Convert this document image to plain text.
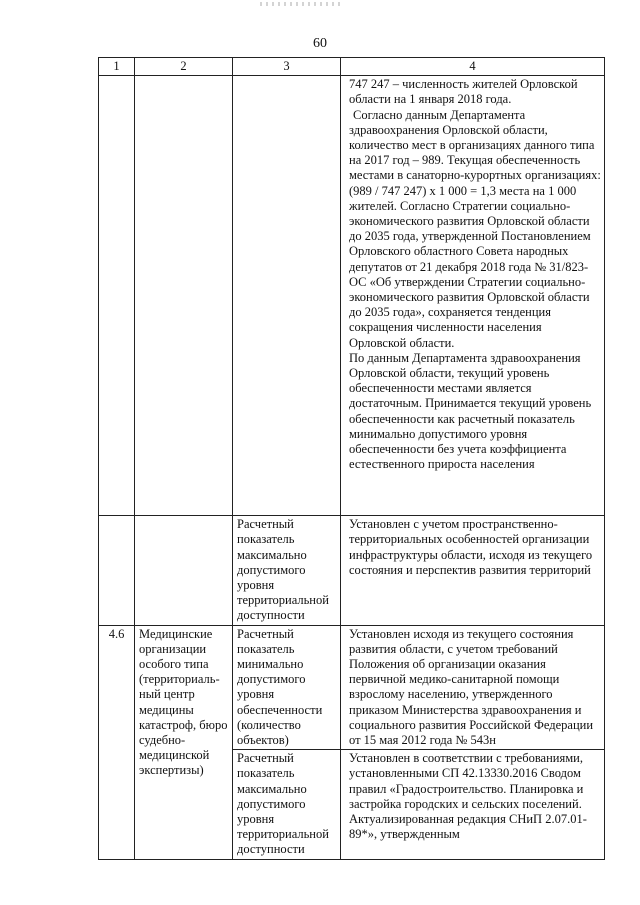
60
1	2	3	4

			747 247 – численность жителей Орловской области на 1 января 2018 года.
Согласно данным Департамента здравоохранения Орловской области, количество мест в организациях данного типа на 2017 год – 989. Текущая обеспеченность местами в санаторно-курортных организациях:
(989 / 747 247) х 1 000 = 1,3 места на 1 000 жителей. Согласно Стратегии социально-экономического развития Орловской области до 2035 года, утвержденной Постановлением Орловского областного Совета народных депутатов от 21 декабря 2018 года № 31/823-ОС «Об утверждении Стратегии социально-экономического развития Орловской области до 2035 года», сохраняется тенденция сокращения численности населения Орловской области.
По данным Департамента здравоохранения Орловской области, текущий уровень обеспеченности местами является достаточным. Принимается текущий уровень обеспеченности как расчетный показатель минимально допустимого уровня обеспеченности без учета коэффициента естественного прироста населения

		Расчетный показатель максимально допустимого уровня территориальной доступности	Установлен с учетом пространственно-территориальных особенностей организации инфраструктуры области, исходя из текущего состояния и перспектив развития территорий
4.6	Медицинские организации особого типа (территориаль-ный центр медицины катастроф, бюро судебно-медицинской экспертизы)	Расчетный показатель минимально допустимого уровня обеспеченности (количество объектов)	Установлен исходя из текущего состояния развития области, с учетом требований Положения об организации оказания первичной медико-санитарной помощи взрослому населению, утвержденного приказом Министерства здравоохранения и социального развития Российской Федерации от 15 мая 2012 года № 543н
		Расчетный показатель максимально допустимого уровня территориальной доступности	Установлен в соответствии с требованиями, установленными СП 42.13330.2016 Сводом правил «Градостроительство. Планировка и застройка городских и сельских поселений. Актуализированная редакция СНиП 2.07.01-89*», утвержденным
